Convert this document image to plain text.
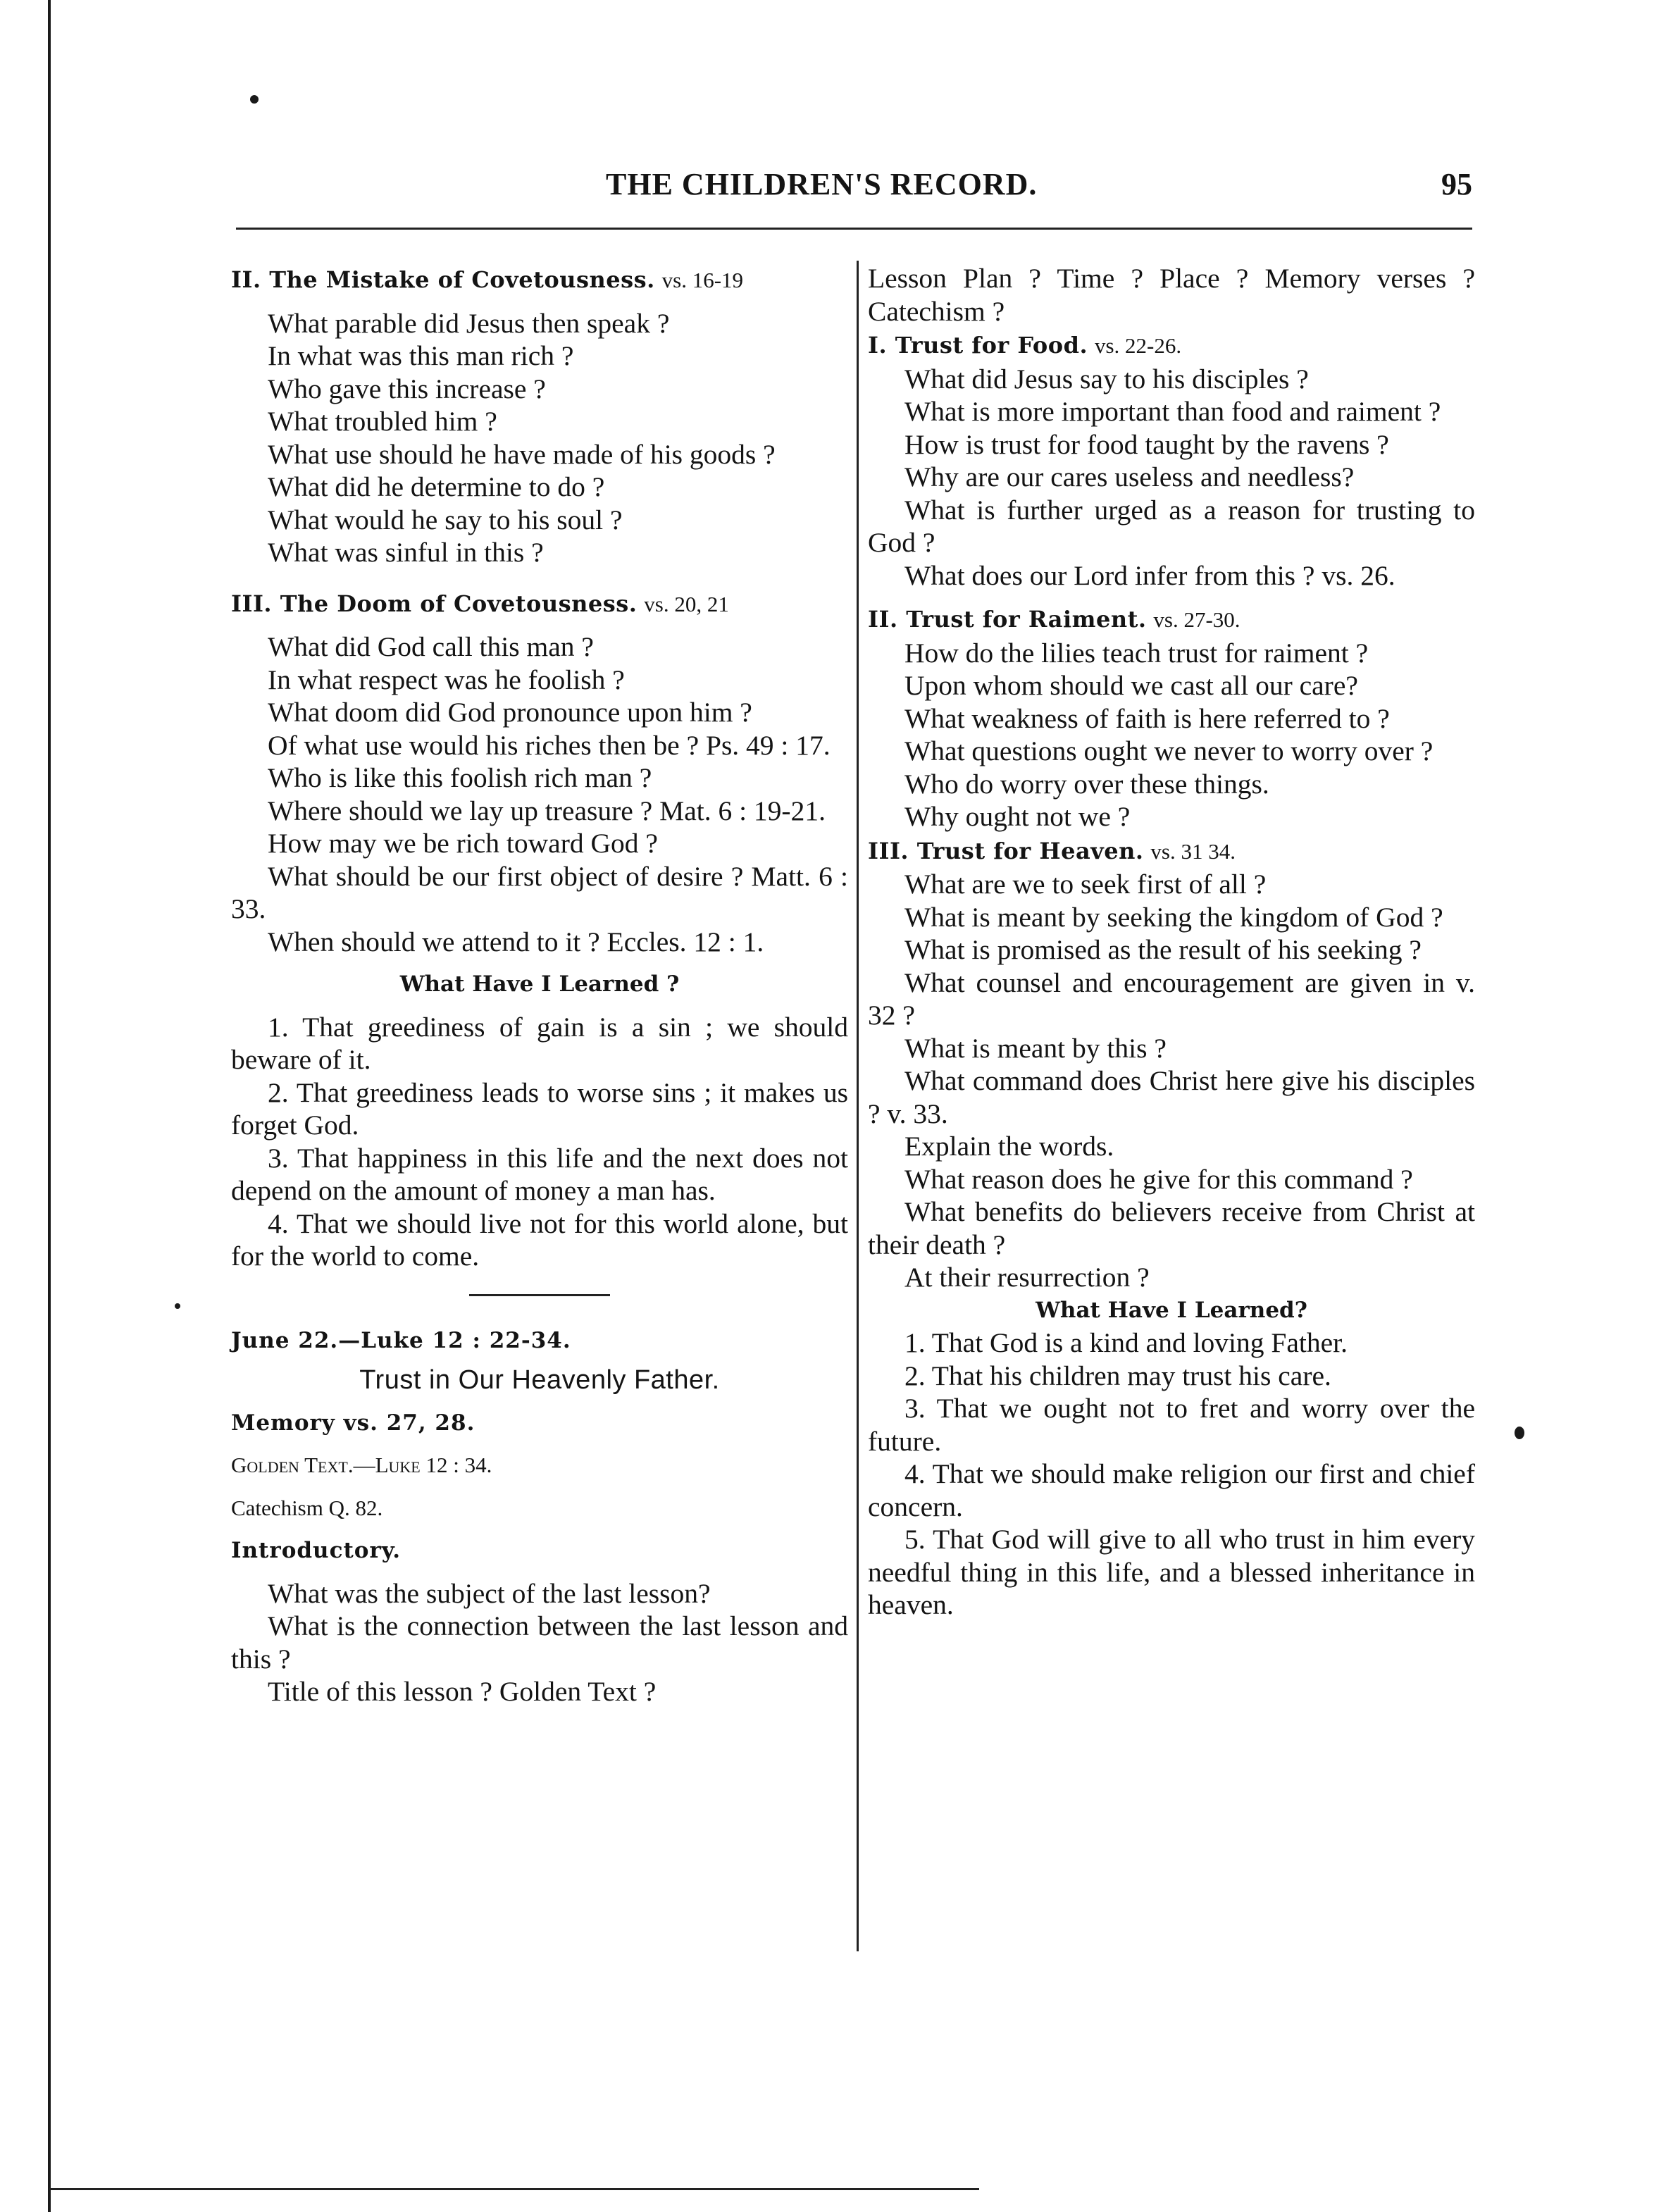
THE CHILDREN'S RECORD.	95

II. The Mistake of Covetousness. vs. 16-19

What parable did Jesus then speak ?

In what was this man rich ?

Who gave this increase ?

What troubled him ?

What use should he have made of his goods ?

What did he determine to do ?

What would he say to his soul ?

What was sinful in this ?

III. The Doom of Covetousness. vs. 20, 21

What did God call this man ?

In what respect was he foolish ?

What doom did God pronounce upon him ?

Of what use would his riches then be ? Ps. 49 : 17.

Who is like this foolish rich man ?

Where should we lay up treasure ? Mat. 6 : 19-21.

How may we be rich toward God ?

What should be our first object of desire ? Matt. 6 : 33.

When should we attend to it ? Eccles. 12 : 1.

What Have I Learned ?

1. That greediness of gain is a sin ; we should beware of it.

2. That greediness leads to worse sins ; it makes us forget God.

3. That happiness in this life and the next does not depend on the amount of money a man has.

4. That we should live not for this world alone, but for the world to come.

June 22.—Luke 12 : 22-34.

Trust in Our Heavenly Father.

Memory vs. 27, 28.

Golden Text.—Luke 12 : 34.

Catechism Q. 82.

Introductory.

What was the subject of the last lesson?

What is the connection between the last lesson and this ?

Title of this lesson ? Golden Text ?

Lesson Plan ? Time ? Place ? Memory verses ? Catechism ?

I. Trust for Food. vs. 22-26.

What did Jesus say to his disciples ?

What is more important than food and raiment ?

How is trust for food taught by the ravens ?

Why are our cares useless and needless?

What is further urged as a reason for trusting to God ?

What does our Lord infer from this ? vs. 26.

II. Trust for Raiment. vs. 27-30.

How do the lilies teach trust for raiment ?

Upon whom should we cast all our care?

What weakness of faith is here referred to ?

What questions ought we never to worry over ?

Who do worry over these things.

Why ought not we ?

III. Trust for Heaven. vs. 31 34.

What are we to seek first of all ?

What is meant by seeking the kingdom of God ?

What is promised as the result of his seeking ?

What counsel and encouragement are given in v. 32 ?

What is meant by this ?

What command does Christ here give his disciples ? v. 33.

Explain the words.

What reason does he give for this command ?

What benefits do believers receive from Christ at their death ?

At their resurrection ?

What Have I Learned?

1. That God is a kind and loving Father.

2. That his children may trust his care.

3. That we ought not to fret and worry over the future.

4. That we should make religion our first and chief concern.

5. That God will give to all who trust in him every needful thing in this life, and a blessed inheritance in heaven.
